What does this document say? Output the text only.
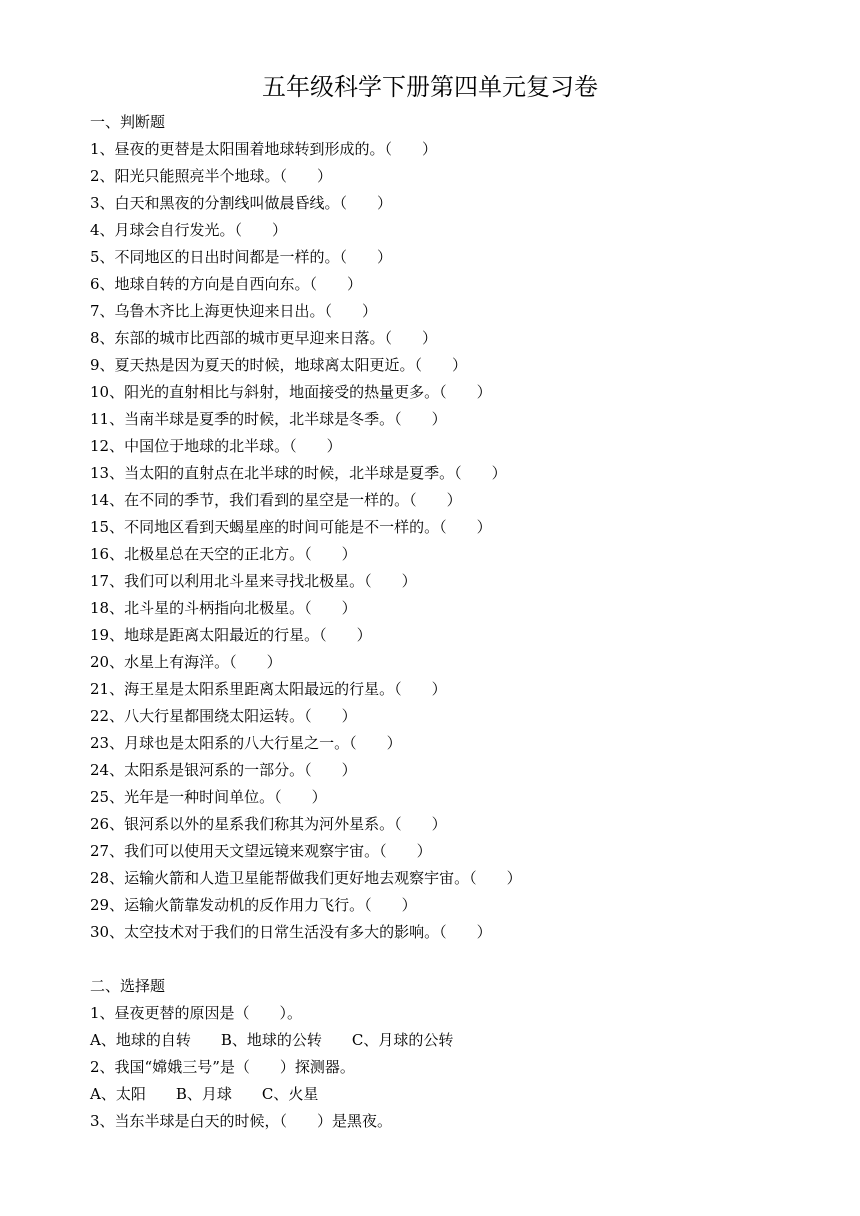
五年级科学下册第四单元复习卷
一、判断题
1、昼夜的更替是太阳围着地球转到形成的。（　　）
2、阳光只能照亮半个地球。（　　）
3、白天和黑夜的分割线叫做晨昏线。（　　）
4、月球会自行发光。（　　）
5、不同地区的日出时间都是一样的。（　　）
6、地球自转的方向是自西向东。（　　）
7、乌鲁木齐比上海更快迎来日出。（　　）
8、东部的城市比西部的城市更早迎来日落。（　　）
9、夏天热是因为夏天的时候，地球离太阳更近。（　　）
10、阳光的直射相比与斜射，地面接受的热量更多。（　　）
11、当南半球是夏季的时候，北半球是冬季。（　　）
12、中国位于地球的北半球。（　　）
13、当太阳的直射点在北半球的时候，北半球是夏季。（　　）
14、在不同的季节，我们看到的星空是一样的。（　　）
15、不同地区看到天蝎星座的时间可能是不一样的。（　　）
16、北极星总在天空的正北方。（　　）
17、我们可以利用北斗星来寻找北极星。（　　）
18、北斗星的斗柄指向北极星。（　　）
19、地球是距离太阳最近的行星。（　　）
20、水星上有海洋。（　　）
21、海王星是太阳系里距离太阳最远的行星。（　　）
22、八大行星都围绕太阳运转。（　　）
23、月球也是太阳系的八大行星之一。（　　）
24、太阳系是银河系的一部分。（　　）
25、光年是一种时间单位。（　　）
26、银河系以外的星系我们称其为河外星系。（　　）
27、我们可以使用天文望远镜来观察宇宙。（　　）
28、运输火箭和人造卫星能帮做我们更好地去观察宇宙。（　　）
29、运输火箭靠发动机的反作用力飞行。（　　）
30、太空技术对于我们的日常生活没有多大的影响。（　　）
二、选择题
1、昼夜更替的原因是（　　）。
A、地球的自转　　B、地球的公转　　C、月球的公转
2、我国“嫦娥三号”是（　　）探测器。
A、太阳　　B、月球　　C、火星
3、当东半球是白天的时候，（　　）是黑夜。
